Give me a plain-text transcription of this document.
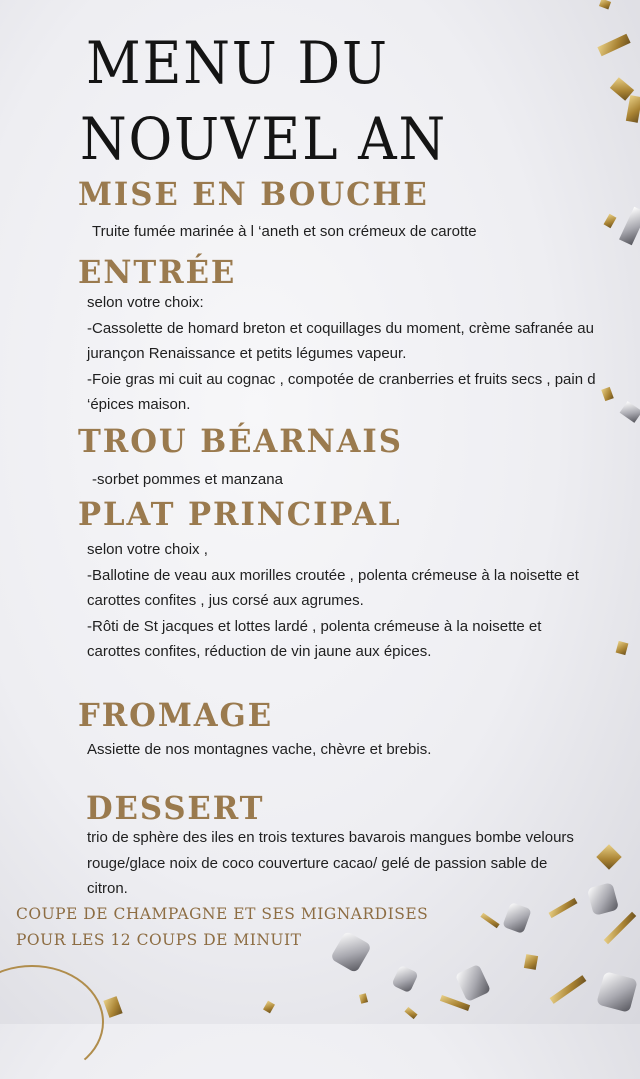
MENU DU
NOUVEL AN
MISE EN BOUCHE

Truite fumée marinée à l ‘aneth et son crémeux de carotte

ENTRÉE

selon votre choix:

-Cassolette de homard breton et coquillages du moment, crème safranée au jurançon Renaissance et petits légumes vapeur.

-Foie gras mi cuit au cognac , compotée de cranberries et fruits secs , pain d ‘épices maison.

TROU BÉARNAIS

-sorbet pommes et manzana

PLAT PRINCIPAL

selon votre choix ,

-Ballotine de veau aux morilles croutée , polenta crémeuse à la noisette et carottes confites , jus corsé aux agrumes.

-Rôti de St jacques et lottes lardé , polenta crémeuse à la noisette et carottes confites, réduction de vin jaune aux épices.

FROMAGE

Assiette de nos montagnes vache, chèvre et brebis.

DESSERT

trio de sphère des iles en trois textures bavarois mangues bombe velours rouge/glace noix de coco couverture cacao/ gelé de passion sable de citron.

COUPE DE CHAMPAGNE ET SES MIGNARDISES
POUR LES 12 COUPS DE MINUIT
